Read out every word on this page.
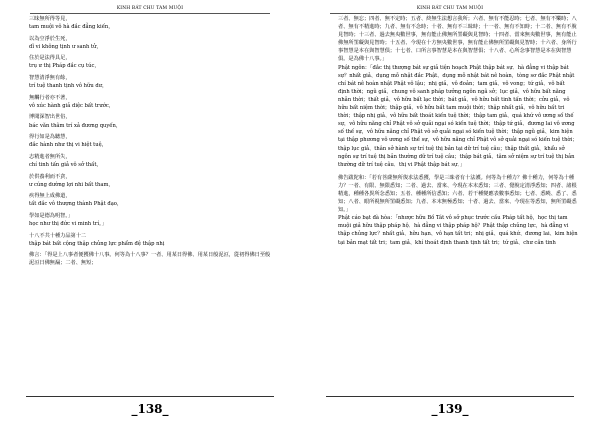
KINH BÁT CHU TAM MUỘI

三昧無所得等見，

tam muội vô hà đắc đẳng kiến，

以為空淨於生死，

dĩ vi không tịnh ư sanh tử，

住於是法得具足，

trụ ư thị Pháp đắc cụ túc，

智慧清淨無有餘，

trí tuệ thanh tịnh vô hữu dư，

無觸行者亦不著，

vô xúc hành giả diệc bất trước，

博聞深智出世俗，

bác văn thâm trí xả đương quyến，

得行如是為聽慧，

đắc hành như thị vi hiệt tuệ，

志精進者無所失，

chí tinh tấn giả vô sở thất，

於供養利而不貪，

ư cúng dường lợi nhi bất tham，

疾得無上成佛道，

tất đắc vô thượng thành Phật đạo，

學如是德為明智。」

học như thị đức vi minh trí。」

十八不共十種力品第十二

thập bát bất cộng thập chủng lực phẩm đệ thập nhị

佛言：「得是上八事者便獲佛十八事。何等為十八事？一者、用某日得佛、用某日般泥洹，從初得佛日至般泥洹日佛無漏；二者、無短；

_138_
KINH BÁT CHU TAM MUỘI

三者、無忘；四者、無不定時；五者、終無生法想言我所；六者、無有不能忍時；七者、無有不樂時；八者、無有不精進時；九者、無有不念時；十者、無有不三昧時；十一者、無有不知時；十二者、無有不脫見智時；十三者、過去無央數世事，無有能止佛無所罣礙與見智時；十四者、當來無央數世事，無有能止佛無所罣礙與見智時；十五者、今現在十方無央數世事，無有能止佛無所罣礙與見智時；十六者、身所行事智慧是本在與智慧俱；十七者、口所言事智慧是本在與智慧俱；十八者、心所念事智慧是本在與智慧俱。是為佛十八事。」

Phật ngôn：「đắc thị thượng bát sự giả tiện hoạch Phật thập bát sự．hà đẳng vi thập bát sự？nhất giả、dụng mỗ nhật đắc Phật、dụng mỗ nhật bát nê hoàn，tòng sơ đắc Phật nhật chí bát nê hoàn nhật Phật vô lậu；nhị giả、vô đoản；tam giả、vô vong；tứ giả、vô bất định thời；ngũ giả、chung vô sanh pháp tưởng ngôn ngã sở；lục giả、vô hữu bất năng nhẫn thời；thất giả、vô hữu bất lạc thời；bát giả、vô hữu bất tinh tấn thời；cửu giả、vô hữu bất niệm thời；thập giả、vô hữu bất tam muội thời；thập nhất giả、vô hữu bất tri thời；thập nhị giả、vô hữu bất thoát kiến tuệ thời；thập tam giả、quá khứ vô ương số thế sự，vô hữu năng chỉ Phật vô sở quải ngại só kiến tuệ thời；thập tứ giả、đương lai vô ương số thế sự，vô hữu năng chỉ Phật vô sở quải ngại só kiến tuệ thời；thập ngũ giả、kim hiện tại thập phương vô ương số thế sự，vô hữu năng chỉ Phật vô sở quải ngại só kiến tuệ thời；thập lục giả、thân sở hành sự trí tuệ thị bản tại dữ trí tuệ câu；thập thất giả、khẩu sở ngôn sự trí tuệ thị bản thường dữ trí tuệ câu；thập bát giả、tâm sở niệm sự trí tuệ thị bản thường dữ trí tuệ câu．thị vi Phật thập bát sự．」

佛告跋陀和：「若有菩薩無所復求法悉獲，學是三昧者有十法護。何等為十種力？佛十種力，何等為十種力？一者、有限、無限悉知；二者、過去、當來、今現在本末悉知；三者、覺脫定清淨悉知；四者、諸根精進，種種各異所念悉知；五者、種種所信悉知；六者、若干種變應表數事悉知；七者、悉曉、悉了、悉知；八者、眼所視無所罣礙悉知；九者、本末無極悉知；十者、過去、當來、今現在等悉知，無所罣礙悉知。」

Phật cáo bạt đà hòa：「nhược hữu Bồ Tát vô sở phục trước cầu Pháp tất hộ，học thị tam muội giả hữu thập pháp hộ．hà đẳng vi thập pháp hộ？Phật thập chủng lực，hà đẳng vi thập chủng lực？nhất giả、hữu hạn、vô hạn tất tri；nhị giả、quá khứ、đương lai、kim hiện tại bản mạt tất tri；tam giả、khí thoát định thanh tịnh tất tri；tứ giả、chư căn tinh

_139_
